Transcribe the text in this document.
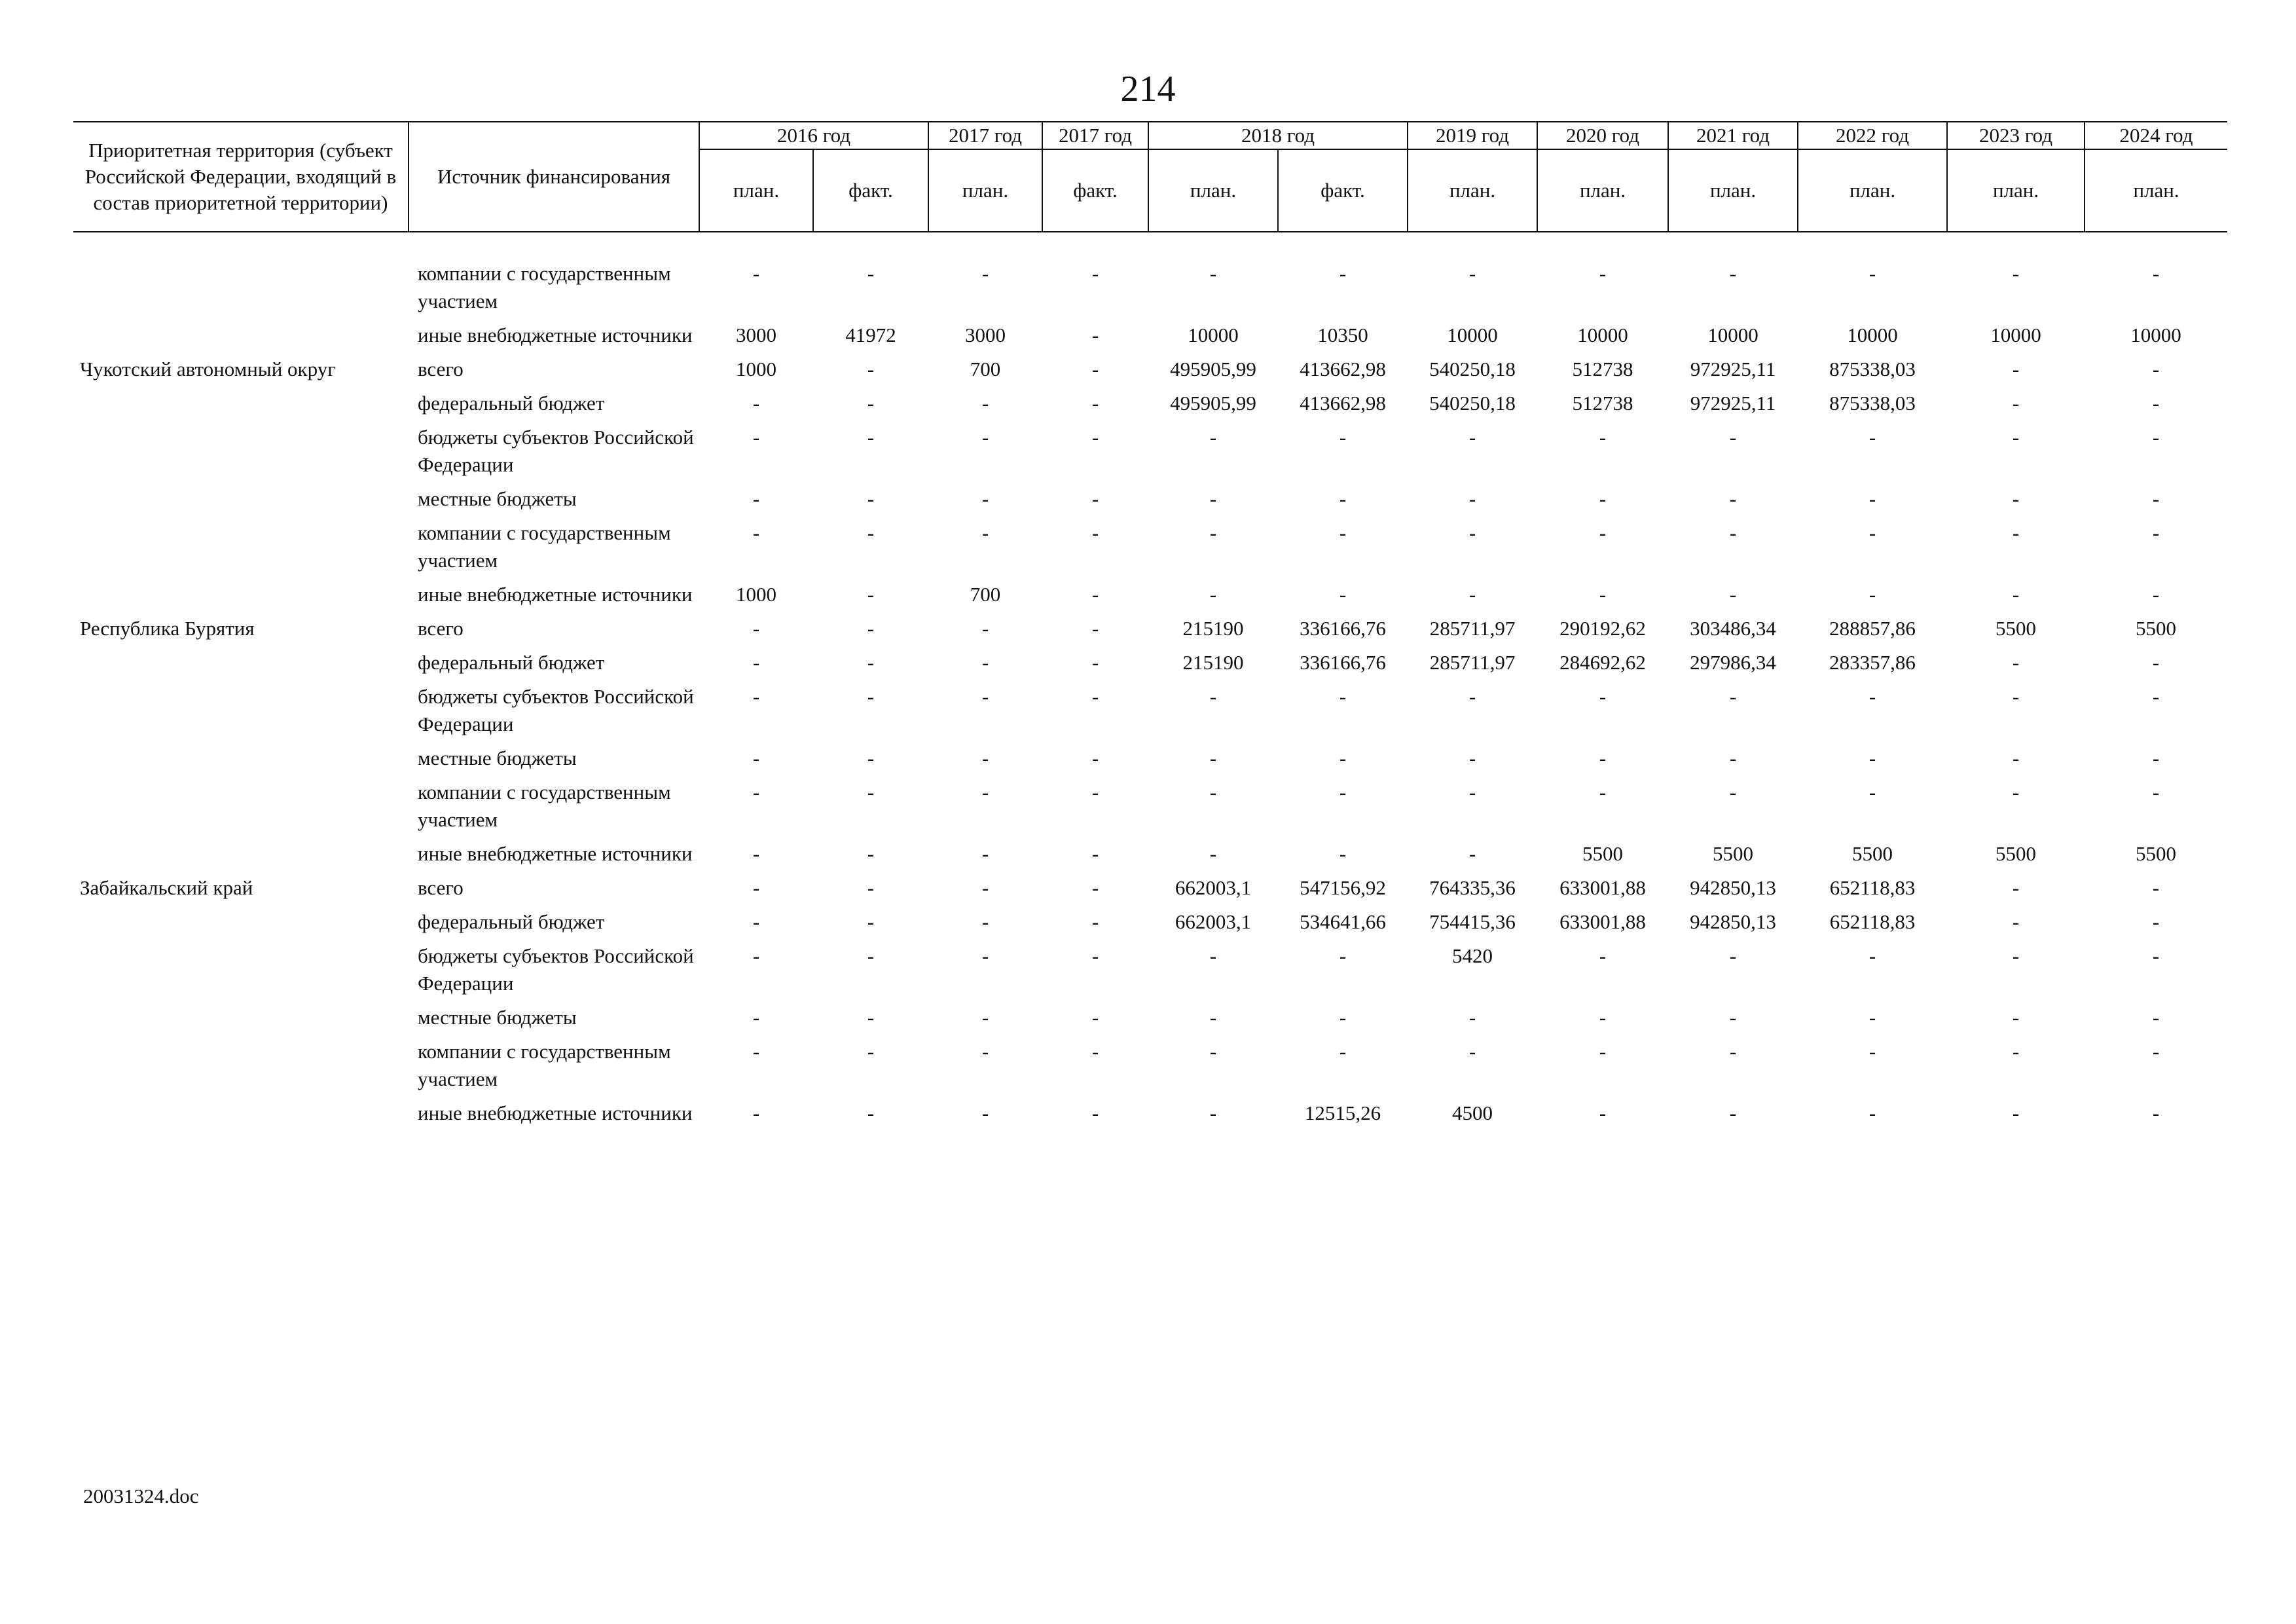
214
Приоритетная территория (субъект Российской Федерации, входящий в состав приоритетной территории)	Источник финансирования	2016 год		2017 год	2017 год	2018 год		2019 год	2020 год	2021 год	2022 год	2023 год	2024 год
		план.	факт.	план.	факт.	план.	факт.	план.	план.	план.	план.	план.	план.

	компании с государственным участием	-	-	-	-	-	-	-	-	-	-	-	-
	иные внебюджетные источники	3000	41972	3000	-	10000	10350	10000	10000	10000	10000	10000	10000
Чукотский автономный округ	всего	1000	-	700	-	495905,99	413662,98	540250,18	512738	972925,11	875338,03	-	-
	федеральный бюджет	-	-	-	-	495905,99	413662,98	540250,18	512738	972925,11	875338,03	-	-
	бюджеты субъектов Российской Федерации	-	-	-	-	-	-	-	-	-	-	-	-
	местные бюджеты	-	-	-	-	-	-	-	-	-	-	-	-
	компании с государственным участием	-	-	-	-	-	-	-	-	-	-	-	-
	иные внебюджетные источники	1000	-	700	-	-	-	-	-	-	-	-	-
Республика Бурятия	всего	-	-	-	-	215190	336166,76	285711,97	290192,62	303486,34	288857,86	5500	5500
	федеральный бюджет	-	-	-	-	215190	336166,76	285711,97	284692,62	297986,34	283357,86	-	-
	бюджеты субъектов Российской Федерации	-	-	-	-	-	-	-	-	-	-	-	-
	местные бюджеты	-	-	-	-	-	-	-	-	-	-	-	-
	компании с государственным участием	-	-	-	-	-	-	-	-	-	-	-	-
	иные внебюджетные источники	-	-	-	-	-	-	-	5500	5500	5500	5500	5500
Забайкальский край	всего	-	-	-	-	662003,1	547156,92	764335,36	633001,88	942850,13	652118,83	-	-
	федеральный бюджет	-	-	-	-	662003,1	534641,66	754415,36	633001,88	942850,13	652118,83	-	-
	бюджеты субъектов Российской Федерации	-	-	-	-	-	-	5420	-	-	-	-	-
	местные бюджеты	-	-	-	-	-	-	-	-	-	-	-	-
	компании с государственным участием	-	-	-	-	-	-	-	-	-	-	-	-
	иные внебюджетные источники	-	-	-	-	-	12515,26	4500	-	-	-	-	-
20031324.doc
